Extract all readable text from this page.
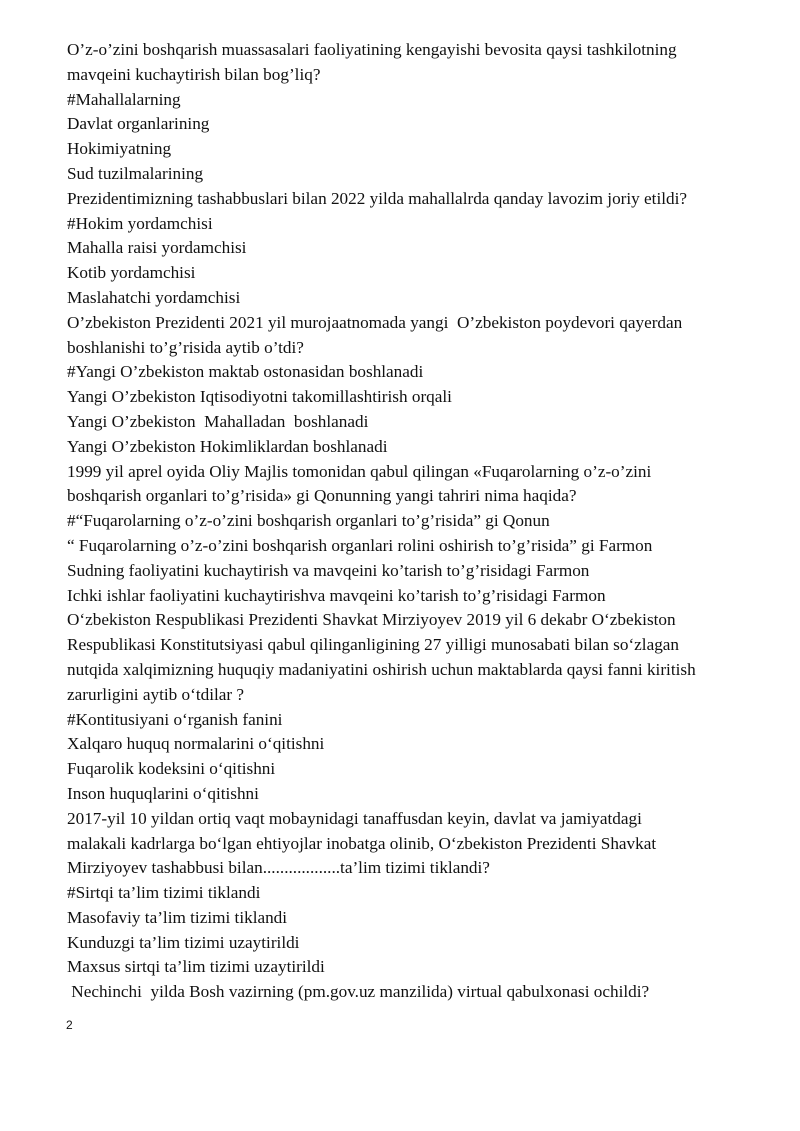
O’z-o’zini boshqarish muassasalari faoliyatining kengayishi bevosita qaysi tashkilotning

mavqeini kuchaytirish bilan bog’liq?

#Mahallalarning

Davlat organlarining

Hokimiyatning

Sud tuzilmalarining

Prezidentimizning tashabbuslari bilan 2022 yilda mahallalrda qanday lavozim joriy etildi?

#Hokim yordamchisi

Mahalla raisi yordamchisi

Kotib yordamchisi

Maslahatchi yordamchisi

O’zbekiston Prezidenti 2021 yil murojaatnomada yangi  O’zbekiston poydevori qayerdan

boshlanishi to’g’risida aytib o’tdi?

#Yangi O’zbekiston maktab ostonasidan boshlanadi

Yangi O’zbekiston Iqtisodiyotni takomillashtirish orqali

Yangi O’zbekiston  Mahalladan  boshlanadi

Yangi O’zbekiston Hokimliklardan boshlanadi

1999 yil aprel oyida Oliy Majlis tomonidan qabul qilingan «Fuqarolarning o’z-o’zini

boshqarish organlari to’g’risida» gi Qonunning yangi tahriri nima haqida?

#“Fuqarolarning o’z-o’zini boshqarish organlari to’g’risida” gi Qonun

“ Fuqarolarning o’z-o’zini boshqarish organlari rolini oshirish to’g’risida” gi Farmon

Sudning faoliyatini kuchaytirish va mavqeini ko’tarish to’g’risidagi Farmon

Ichki ishlar faoliyatini kuchaytirishva mavqeini ko’tarish to’g’risidagi Farmon

O‘zbekiston Respublikasi Prezidenti Shavkat Mirziyoyev 2019 yil 6 dekabr O‘zbekiston

Respublikasi Konstitutsiyasi qabul qilinganligining 27 yilligi munosabati bilan so‘zlagan

nutqida xalqimizning huquqiy madaniyatini oshirish uchun maktablarda qaysi fanni kiritish

zarurligini aytib o‘tdilar ?

#Kontitusiyani o‘rganish fanini

Xalqaro huquq normalarini o‘qitishni

Fuqarolik kodeksini o‘qitishni

Inson huquqlarini o‘qitishni

2017-yil 10 yildan ortiq vaqt mobaynidagi tanaffusdan keyin, davlat va jamiyatdagi

malakali kadrlarga bo‘lgan ehtiyojlar inobatga olinib, O‘zbekiston Prezidenti Shavkat

Mirziyoyev tashabbusi bilan..................ta’lim tizimi tiklandi?

#Sirtqi ta’lim tizimi tiklandi

Masofaviy ta’lim tizimi tiklandi

Kunduzgi ta’lim tizimi uzaytirildi

Maxsus sirtqi ta’lim tizimi uzaytirildi

Nechinchi  yilda Bosh vazirning (pm.gov.uz manzilida) virtual qabulxonasi ochildi?

2
